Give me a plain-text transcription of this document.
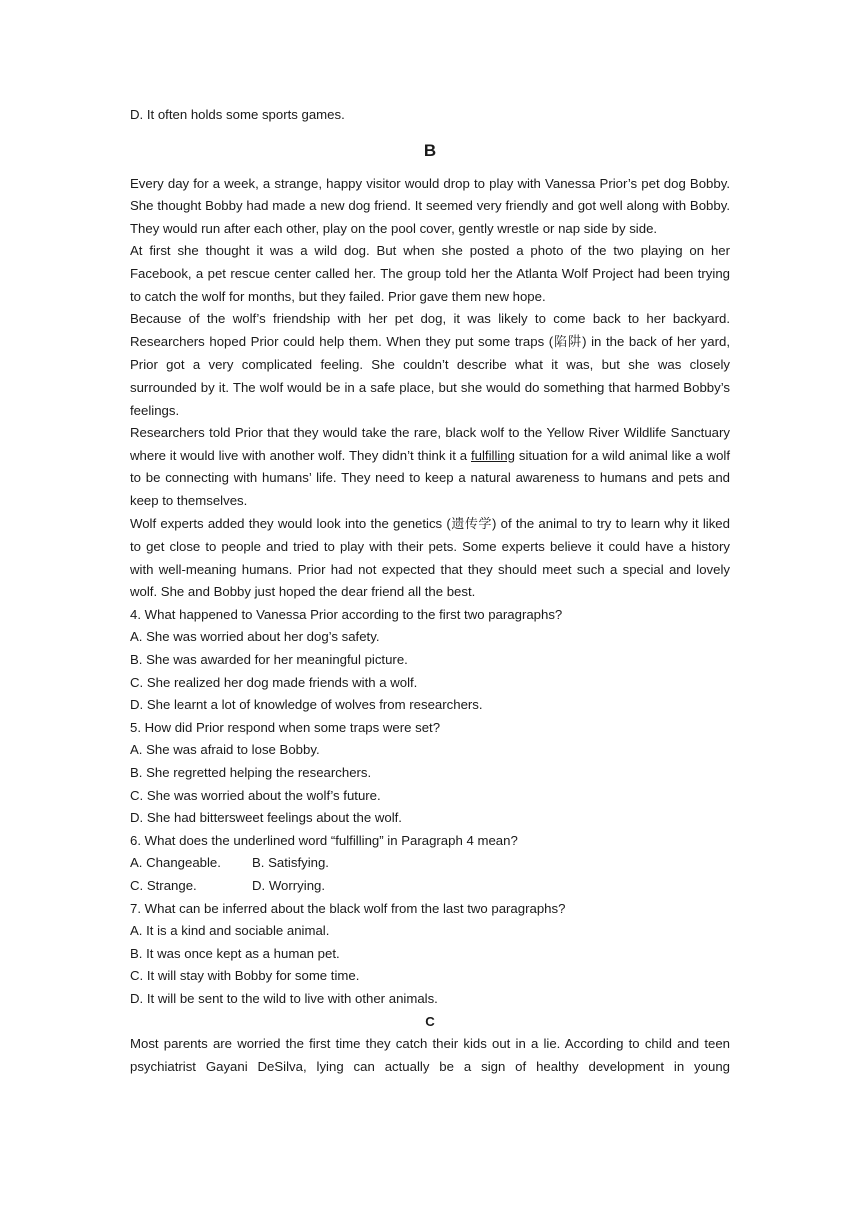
D. It often holds some sports games.

B

Every day for a week, a strange, happy visitor would drop to play with Vanessa Prior’s pet dog Bobby. She thought Bobby had made a new dog friend. It seemed very friendly and got well along with Bobby. They would run after each other, play on the pool cover, gently wrestle or nap side by side.

At first she thought it was a wild dog. But when she posted a photo of the two playing on her Facebook, a pet rescue center called her. The group told her the Atlanta Wolf Project had been trying to catch the wolf for months, but they failed. Prior gave them new hope.

Because of the wolf’s friendship with her pet dog, it was likely to come back to her backyard. Researchers hoped Prior could help them. When they put some traps (陷阱) in the back of her yard, Prior got a very complicated feeling. She couldn’t describe what it was, but she was closely surrounded by it. The wolf would be in a safe place, but she would do something that harmed Bobby’s feelings.

Researchers told Prior that they would take the rare, black wolf to the Yellow River Wildlife Sanctuary where it would live with another wolf. They didn’t think it a fulfilling situation for a wild animal like a wolf to be connecting with humans’ life. They need to keep a natural awareness to humans and pets and keep to themselves.

Wolf experts added they would look into the genetics (遗传学) of the animal to try to learn why it liked to get close to people and tried to play with their pets. Some experts believe it could have a history with well-meaning humans. Prior had not expected that they should meet such a special and lovely wolf. She and Bobby just hoped the dear friend all the best.

4. What happened to Vanessa Prior according to the first two paragraphs?

A. She was worried about her dog’s safety.

B. She was awarded for her meaningful picture.

C. She realized her dog made friends with a wolf.

D. She learnt a lot of knowledge of wolves from researchers.

5. How did Prior respond when some traps were set?

A. She was afraid to lose Bobby.

B. She regretted helping the researchers.

C. She was worried about the wolf’s future.

D. She had bittersweet feelings about the wolf.

6. What does the underlined word “fulfilling” in Paragraph 4 mean?

A. Changeable.	B. Satisfying.
C. Strange.	D. Worrying.

7. What can be inferred about the black wolf from the last two paragraphs?

A. It is a kind and sociable animal.

B. It was once kept as a human pet.

C. It will stay with Bobby for some time.

D. It will be sent to the wild to live with other animals.

C

Most parents are worried the first time they catch their kids out in a lie. According to child and teen psychiatrist Gayani DeSilva, lying can actually be a sign of healthy development in young
